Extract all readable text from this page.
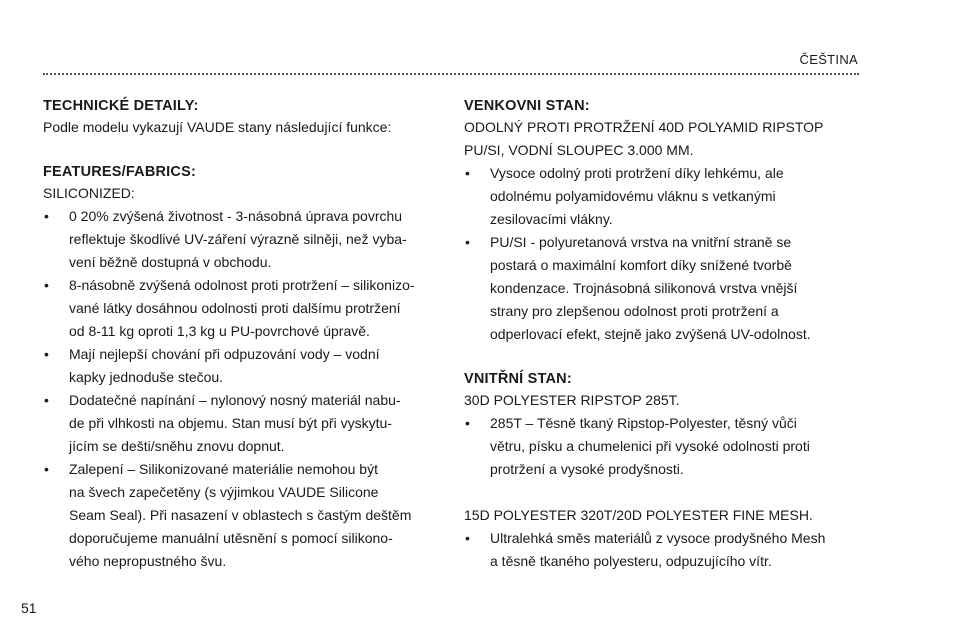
ČEŠTINA
TECHNICKÉ DETAILY:

Podle modelu vykazují VAUDE stany následující funkce:

FEATURES/FABRICS:

SILICONIZED:

• 0 20% zvýšená životnost - 3-násobná úprava povrchu
reflektuje škodlivé UV-záření výrazně silněji, než vyba-
vení běžně dostupná v obchodu.
• 8-násobně zvýšená odolnost proti protržení – silikonizo-
vané látky dosáhnou odolnosti proti dalšímu protržení
od 8-11 kg oproti 1,3 kg u PU-povrchové úpravě.
• Mají nejlepší chování při odpuzování vody – vodní
kapky jednoduše stečou.
• Dodatečné napínání – nylonový nosný materiál nabu-
de při vlhkosti na objemu. Stan musí být při vyskytu-
jícím se dešti/sněhu znovu dopnut.
• Zalepení – Silikonizované materiálie nemohou být
na švech zapečetěny (s výjimkou VAUDE Silicone
Seam Seal). Při nasazení v oblastech s častým deštěm
doporučujeme manuální utěsnění s pomocí silikono-
vého nepropustného švu.
VENKOVNI STAN:

ODOLNÝ PROTI PROTRŽENÍ 40D POLYAMID RIPSTOP
PU/SI, VODNÍ SLOUPEC 3.000 MM.

• Vysoce odolný proti protržení díky lehkému, ale
odolnému polyamidovému vláknu s vetkanými
zesilovacími vlákny.
• PU/SI - polyuretanová vrstva na vnitřní straně se
postará o maximální komfort díky snížené tvorbě
kondenzace. Trojnásobná silikonová vrstva vnější
strany pro zlepšenou odolnost proti protržení a
odperlovací efekt, stejně jako zvýšená UV-odolnost.
VNITŘNÍ STAN:

30D POLYESTER RIPSTOP 285T.

• 285T – Těsně tkaný Ripstop-Polyester, těsný vůči
větru, písku a chumelenici při vysoké odolnosti proti
protržení a vysoké prodyšnosti.

15D POLYESTER 320T/20D POLYESTER FINE MESH.

• Ultralehká směs materiálů z vysoce prodyšného Mesh
a těsně tkaného polyesteru, odpuzujícího vítr.
51
